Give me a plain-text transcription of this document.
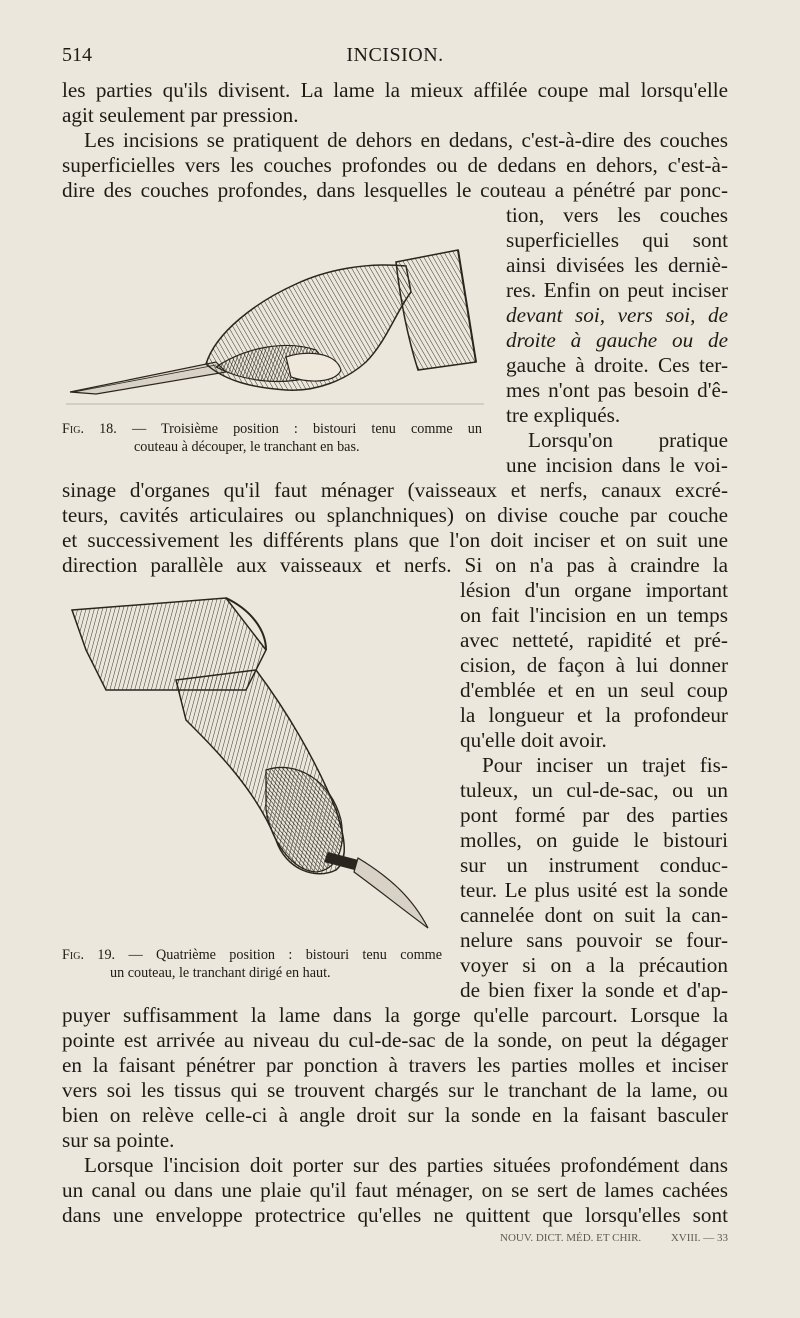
514	INCISION.
les parties qu'ils divisent. La lame la mieux affilée coupe mal lorsqu'elle
agit seulement par pression.
Les incisions se pratiquent de dehors en dedans, c'est-à-dire des couches
superficielles vers les couches profondes ou de dedans en dehors, c'est-à-
dire des couches profondes, dans lesquelles le couteau a pénétré par ponc-
tion, vers les couches
superficielles qui sont
ainsi divisées les derniè-
res. Enfin on peut inciser
devant soi, vers soi, de
droite à gauche ou de
gauche à droite. Ces ter-
mes n'ont pas besoin d'ê-
tre expliqués.
Lorsqu'on pratique
une incision dans le voi-
Fig. 18. — Troisième position : bistouri tenu comme un
couteau à découper, le tranchant en bas.
sinage d'organes qu'il faut ménager (vaisseaux et nerfs, canaux excré-
teurs, cavités articulaires ou splanchniques) on divise couche par couche
et successivement les différents plans que l'on doit inciser et on suit une
direction parallèle aux vaisseaux et nerfs. Si on n'a pas à craindre la
lésion d'un organe important
on fait l'incision en un temps
avec netteté, rapidité et pré-
cision, de façon à lui donner
d'emblée et en un seul coup
la longueur et la profondeur
qu'elle doit avoir.
Pour inciser un trajet fis-
tuleux, un cul-de-sac, ou un
pont formé par des parties
molles, on guide le bistouri
sur un instrument conduc-
teur. Le plus usité est la sonde
cannelée dont on suit la can-
nelure sans pouvoir se four-
voyer si on a la précaution
de bien fixer la sonde et d'ap-
Fig. 19. — Quatrième position : bistouri tenu comme
un couteau, le tranchant dirigé en haut.
puyer suffisamment la lame dans la gorge qu'elle parcourt. Lorsque la
pointe est arrivée au niveau du cul-de-sac de la sonde, on peut la dégager
en la faisant pénétrer par ponction à travers les parties molles et inciser
vers soi les tissus qui se trouvent chargés sur le tranchant de la lame, ou
bien on relève celle-ci à angle droit sur la sonde en la faisant basculer
sur sa pointe.
Lorsque l'incision doit porter sur des parties situées profondément dans
un canal ou dans une plaie qu'il faut ménager, on se sert de lames cachées
dans une enveloppe protectrice qu'elles ne quittent que lorsqu'elles sont
NOUV. DICT. MÉD. ET CHIR.	XVIII. — 33
